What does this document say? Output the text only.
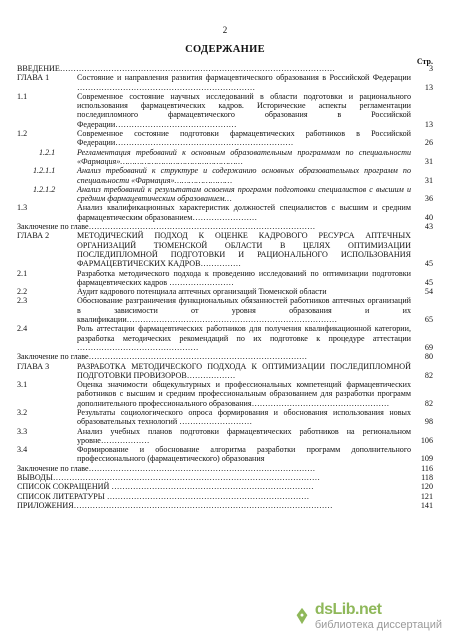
2
СОДЕРЖАНИЕ
Стр.
ВВЕДЕНИЕ…………………………………………………………………………………………	3
ГЛАВА 1	Состояние и направления развития фармацевтического образования в Российской Федерации …………………………………………………………	13
1.1	Современное состояние научных исследований в области подготовки и рационального использования фармацевтических кадров. Исторические аспекты регламентации последипломного фармацевтического образования в Российской Федерации………………………………………	13
1.2	Современное состояние подготовки фармацевтических работников в Российской Федерации…………………………………………………………	26
1.2.1	Регламентация требований к основным образовательным программам по специальности «Фармация»……………………………………………	31
1.2.1.1	Анализ требований к структуре и содержанию основных образовательных программ по специальности «Фармация»……………………	31
1.2.1.2	Анализ требований к результатам освоения программ подготовки специалистов с высшим и средним фармацевтическим образованием…	36
1.3	Анализ квалификационных характеристик должностей специалистов с высшим и средним фармацевтическим образованием……………………	40
Заключение по главе…………………………………………………………………………	43
ГЛАВА 2	МЕТОДИЧЕСКИЙ ПОДХОД К ОЦЕНКЕ КАДРОВОГО РЕСУРСА АПТЕЧНЫХ ОРГАНИЗАЦИЙ ТЮМЕНСКОЙ ОБЛАСТИ В ЦЕЛЯХ ОПТИМИЗАЦИИ ПОСЛЕДИПЛОМНОЙ ПОДГОТОВКИ И РАЦИОНАЛЬНОГО ИСПОЛЬЗОВАНИЯ ФАРМАЦЕВТИЧЕСКИХ КАДРОВ……………	45
2.1	Разработка методического подхода к проведению исследований по оптимизации подготовки фармацевтических кадров ……………………	45
2.2	Аудит кадрового потенциала аптечных организаций Тюменской области	54
2.3	Обоснование разграничения функциональных обязанностей работников аптечных организаций в зависимости от уровня образования и их квалификации……………………………………………………………………	65
2.4	Роль аттестации фармацевтических работников для получения квалификационной категории, разработка методических рекомендаций по их подготовке к процедуре аттестации ………………………………………	69
Заключение по главе………………………………………………………………………	80
ГЛАВА 3	РАЗРАБОТКА МЕТОДИЧЕСКОГО ПОДХОДА К ОПТИМИЗАЦИИ ПОСЛЕДИПЛОМНОЙ ПОДГОТОВКИ ПРОВИЗОРОВ………………	82
3.1	Оценка значимости общекультурных и профессиональных компетенций фармацевтических работников с высшим и средним профессиональным образованием для разработки программ дополнительного профессионального образования……………………………………………	82
3.2	Результаты социологического опроса формирования и обоснования использования новых образовательных технологий ………………………	98
3.3	Анализ учебных планов подготовки фармацевтических работников на региональном уровне………………	106
3.4	Формирование и обоснование алгоритма разработки программ дополнительного профессионального (фармацевтического) образования	109
Заключение по главе…………………………………………………………………………	116
ВЫВОДЫ………………………………………………………………………………………	118
СПИСОК СОКРАЩЕНИЙ …………………………………………………………………	120
СПИСОК ЛИТЕРАТУРЫ …………………………………………………………………	121
ПРИЛОЖЕНИЯ……………………………………………………………………………………	141
dsLib.net
библиотека диссертаций
